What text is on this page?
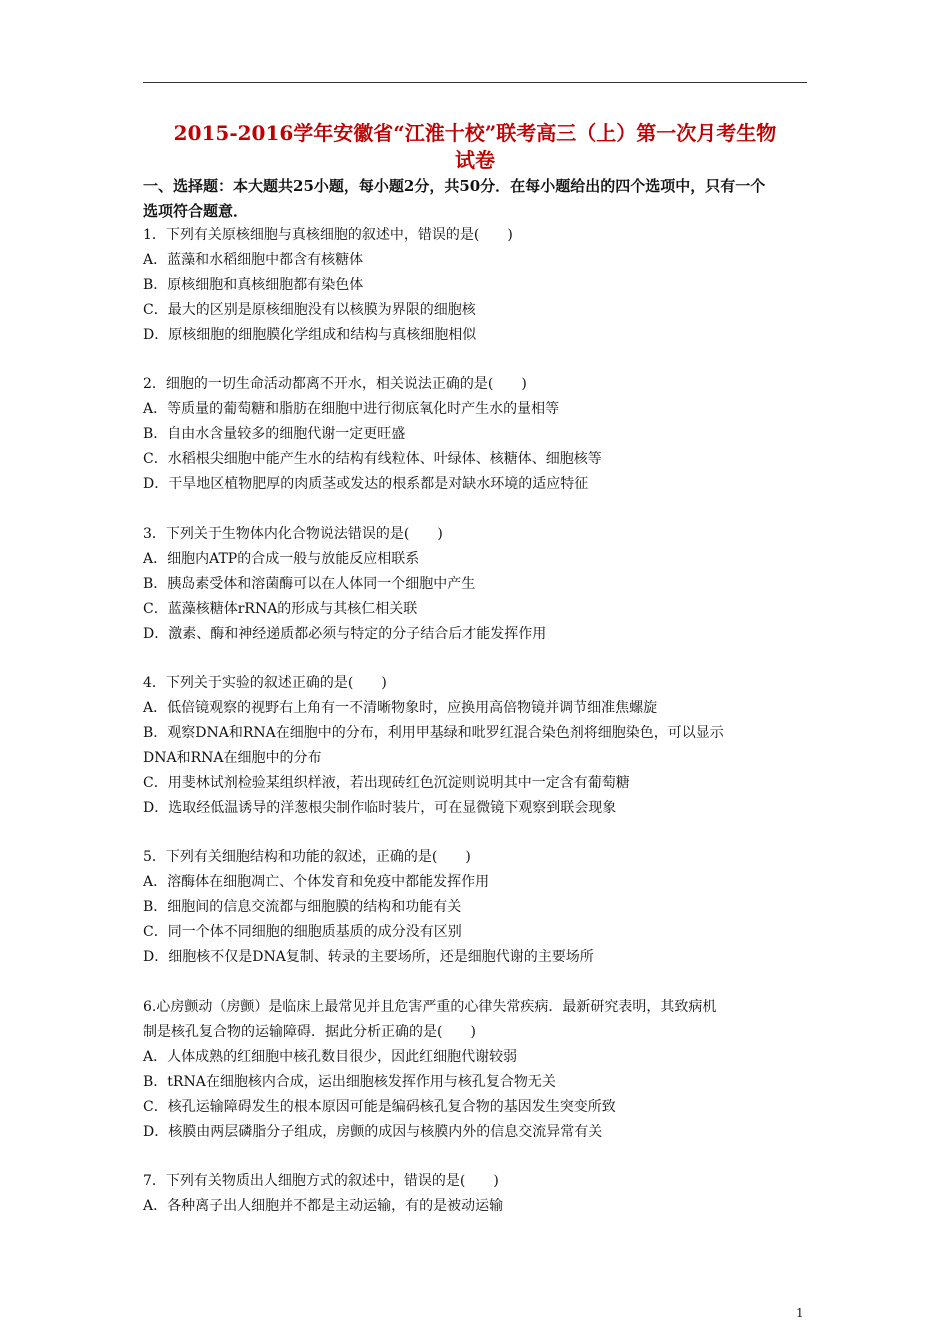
2015-2016学年安徽省“江淮十校”联考高三（上）第一次月考生物
试卷
一、选择题：本大题共25小题，每小题2分，共50分．在每小题给出的四个选项中，只有一个
选项符合题意．
1．下列有关原核细胞与真核细胞的叙述中，错误的是(　　)
A．蓝藻和水稻细胞中都含有核糖体
B．原核细胞和真核细胞都有染色体
C．最大的区别是原核细胞没有以核膜为界限的细胞核
D．原核细胞的细胞膜化学组成和结构与真核细胞相似
2．细胞的一切生命活动都离不开水，相关说法正确的是(　　)
A．等质量的葡萄糖和脂肪在细胞中进行彻底氧化时产生水的量相等
B．自由水含量较多的细胞代谢一定更旺盛
C．水稻根尖细胞中能产生水的结构有线粒体、叶绿体、核糖体、细胞核等
D．干旱地区植物肥厚的肉质茎或发达的根系都是对缺水环境的适应特征
3．下列关于生物体内化合物说法错误的是(　　)
A．细胞内ATP的合成一般与放能反应相联系
B．胰岛素受体和溶菌酶可以在人体同一个细胞中产生
C．蓝藻核糖体rRNA的形成与其核仁相关联
D．激素、酶和神经递质都必须与特定的分子结合后才能发挥作用
4．下列关于实验的叙述正确的是(　　)
A．低倍镜观察的视野右上角有一不清晰物象时，应换用高倍物镜并调节细准焦螺旋
B．观察DNA和RNA在细胞中的分布，利用甲基绿和吡罗红混合染色剂将细胞染色，可以显示
DNA和RNA在细胞中的分布
C．用斐林试剂检验某组织样液，若出现砖红色沉淀则说明其中一定含有葡萄糖
D．选取经低温诱导的洋葱根尖制作临时装片，可在显微镜下观察到联会现象
5．下列有关细胞结构和功能的叙述，正确的是(　　)
A．溶酶体在细胞凋亡、个体发育和免疫中都能发挥作用
B．细胞间的信息交流都与细胞膜的结构和功能有关
C．同一个体不同细胞的细胞质基质的成分没有区别
D．细胞核不仅是DNA复制、转录的主要场所，还是细胞代谢的主要场所
6.心房颤动（房颤）是临床上最常见并且危害严重的心律失常疾病．最新研究表明，其致病机
制是核孔复合物的运输障碍．据此分析正确的是(　　)
A．人体成熟的红细胞中核孔数目很少，因此红细胞代谢较弱
B．tRNA在细胞核内合成，运出细胞核发挥作用与核孔复合物无关
C．核孔运输障碍发生的根本原因可能是编码核孔复合物的基因发生突变所致
D．核膜由两层磷脂分子组成，房颤的成因与核膜内外的信息交流异常有关
7．下列有关物质出人细胞方式的叙述中，错误的是(　　)
A．各种离子出人细胞并不都是主动运输，有的是被动运输
1
